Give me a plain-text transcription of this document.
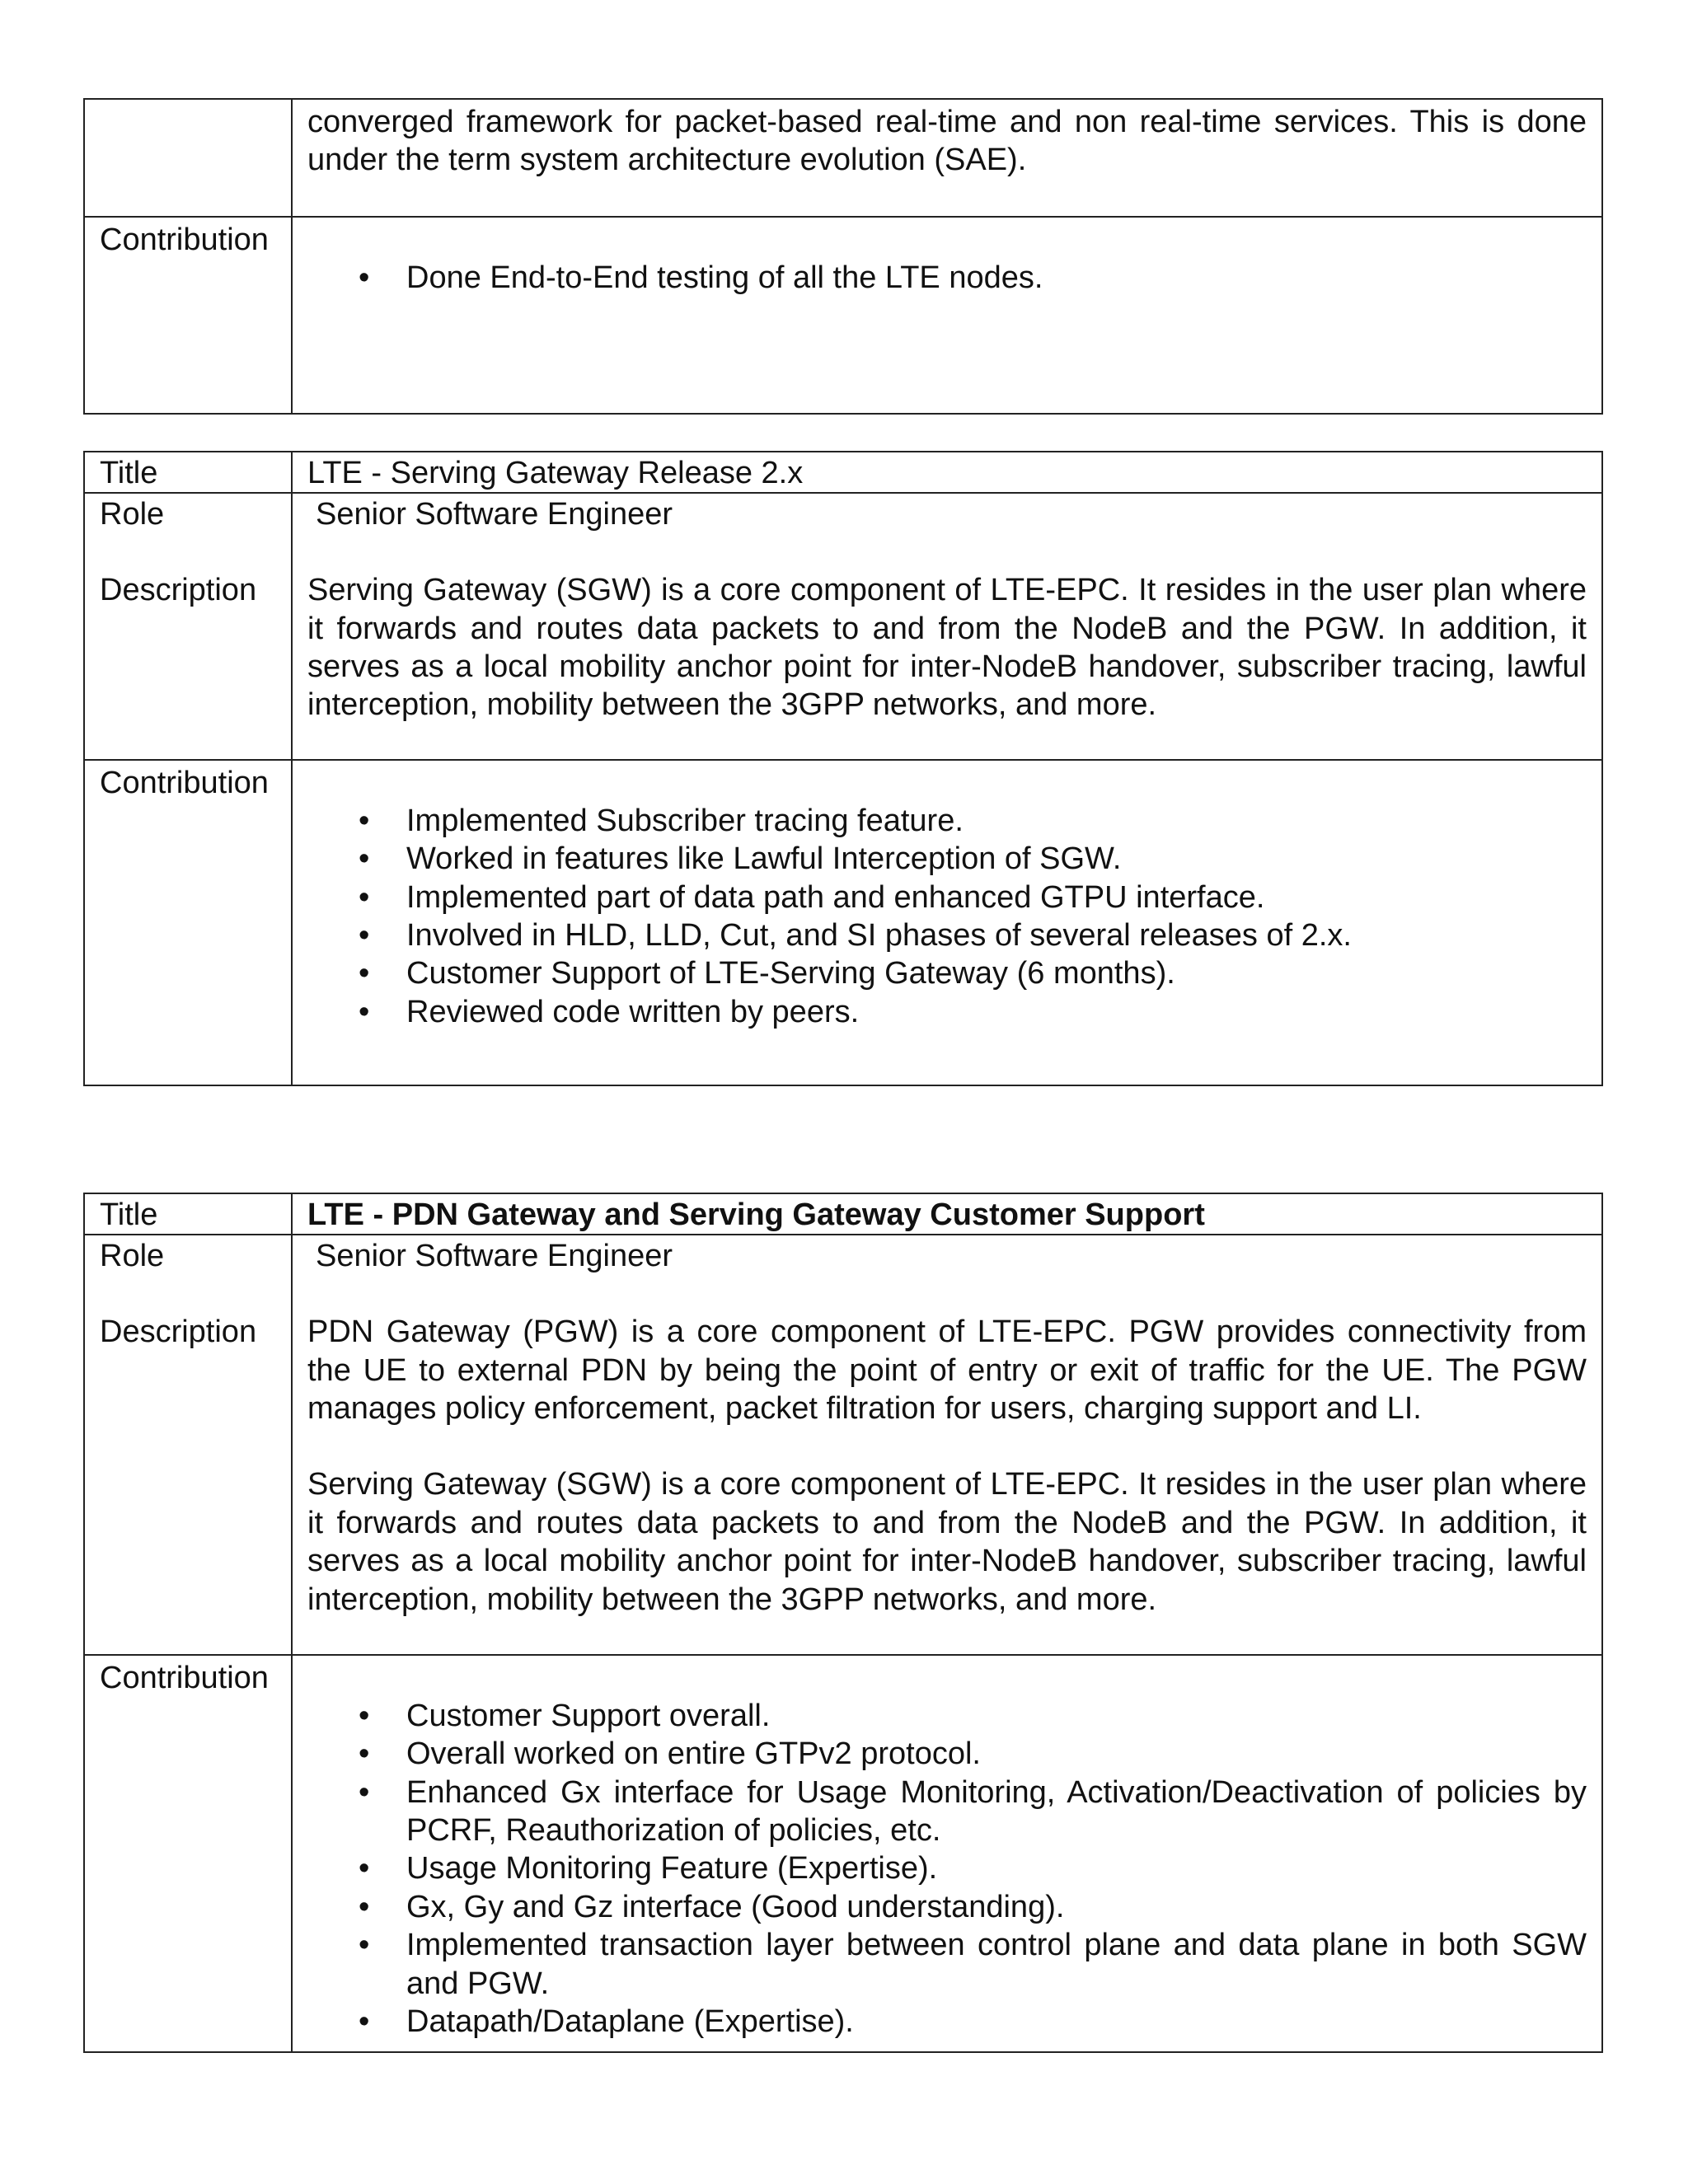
converged framework for packet-based real-time and non real-time services. This is done under the term system architecture evolution (SAE).
Contribution
• Done End-to-End testing of all the LTE nodes.
Title	LTE - Serving Gateway Release 2.x
Role
Description
Senior Software Engineer
Serving Gateway (SGW) is a core component of LTE-EPC. It resides in the user plan where it forwards and routes data packets to and from the NodeB and the PGW. In addition, it serves as a local mobility anchor point for inter-NodeB handover, subscriber tracing, lawful interception, mobility between the 3GPP networks, and more.
Contribution
• Implemented Subscriber tracing feature.
• Worked in features like Lawful Interception of SGW.
• Implemented part of data path and enhanced GTPU interface.
• Involved in HLD, LLD, Cut, and SI phases of several releases of 2.x.
• Customer Support of LTE-Serving Gateway (6 months).
• Reviewed code written by peers.
Title	LTE - PDN Gateway and Serving Gateway Customer Support
Role
Description
Senior Software Engineer
PDN Gateway (PGW) is a core component of LTE-EPC. PGW provides connectivity from the UE to external PDN by being the point of entry or exit of traffic for the UE. The PGW manages policy enforcement, packet filtration for users, charging support and LI.
Serving Gateway (SGW) is a core component of LTE-EPC. It resides in the user plan where it forwards and routes data packets to and from the NodeB and the PGW. In addition, it serves as a local mobility anchor point for inter-NodeB handover, subscriber tracing, lawful interception, mobility between the 3GPP networks, and more.
Contribution
• Customer Support overall.
• Overall worked on entire GTPv2 protocol.
• Enhanced Gx interface for Usage Monitoring, Activation/Deactivation of policies by PCRF, Reauthorization of policies, etc.
• Usage Monitoring Feature (Expertise).
• Gx, Gy and Gz interface (Good understanding).
• Implemented transaction layer between control plane and data plane in both SGW and PGW.
• Datapath/Dataplane (Expertise).
